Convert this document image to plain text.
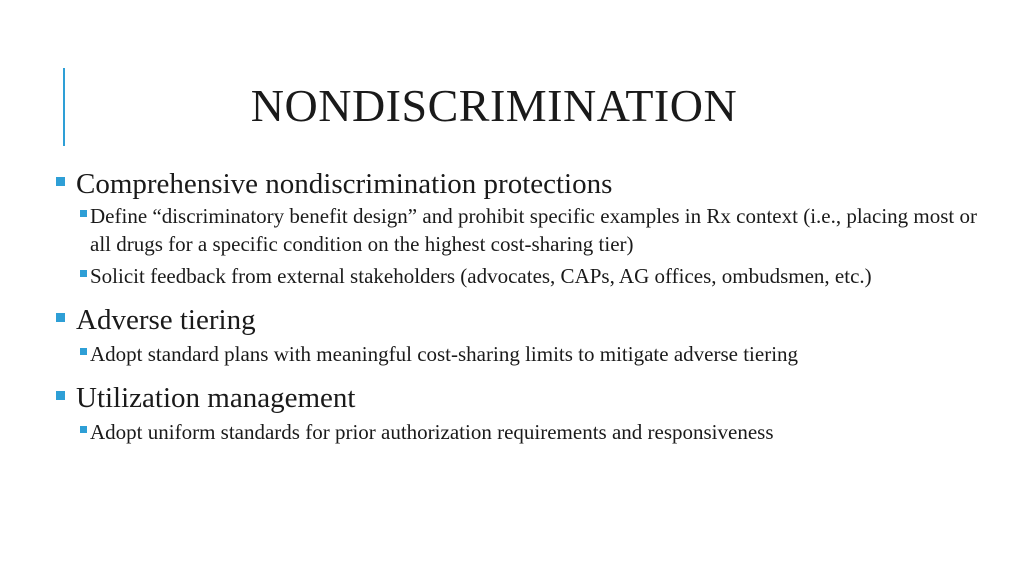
NONDISCRIMINATION
Comprehensive nondiscrimination protections
Define “discriminatory benefit design” and prohibit specific examples in Rx context (i.e., placing most or all drugs for a specific condition on the highest cost-sharing tier)
Solicit feedback from external stakeholders (advocates, CAPs, AG offices, ombudsmen, etc.)
Adverse tiering
Adopt standard plans with meaningful cost-sharing limits to mitigate adverse tiering
Utilization management
Adopt uniform standards for prior authorization requirements and responsiveness
